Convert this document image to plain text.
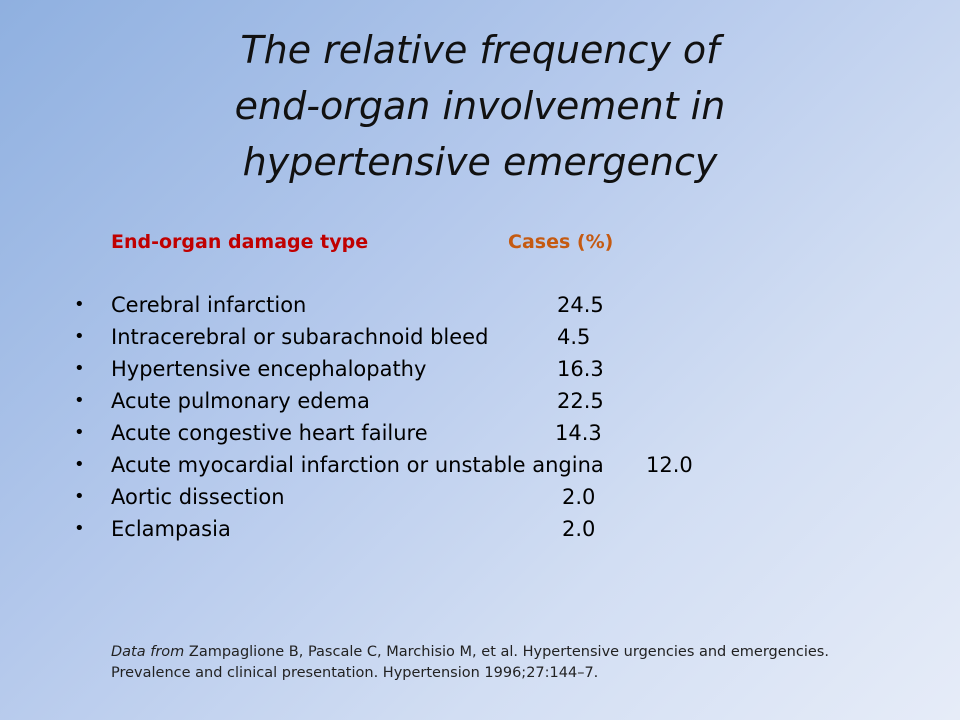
The relative frequency of
end-organ involvement in
hypertensive emergency
End-organ damage type	Cases (%)
• Cerebral infarction	24.5
• Intracerebral or subarachnoid bleed	4.5
• Hypertensive encephalopathy	16.3
• Acute pulmonary edema	22.5
• Acute congestive heart failure	14.3
• Acute myocardial infarction or unstable angina 12.0
• Aortic dissection	2.0
• Eclampasia	2.0
Data from Zampaglione B, Pascale C, Marchisio M, et al. Hypertensive urgencies and emergencies. Prevalence and clinical presentation. Hypertension 1996;27:144–7.
